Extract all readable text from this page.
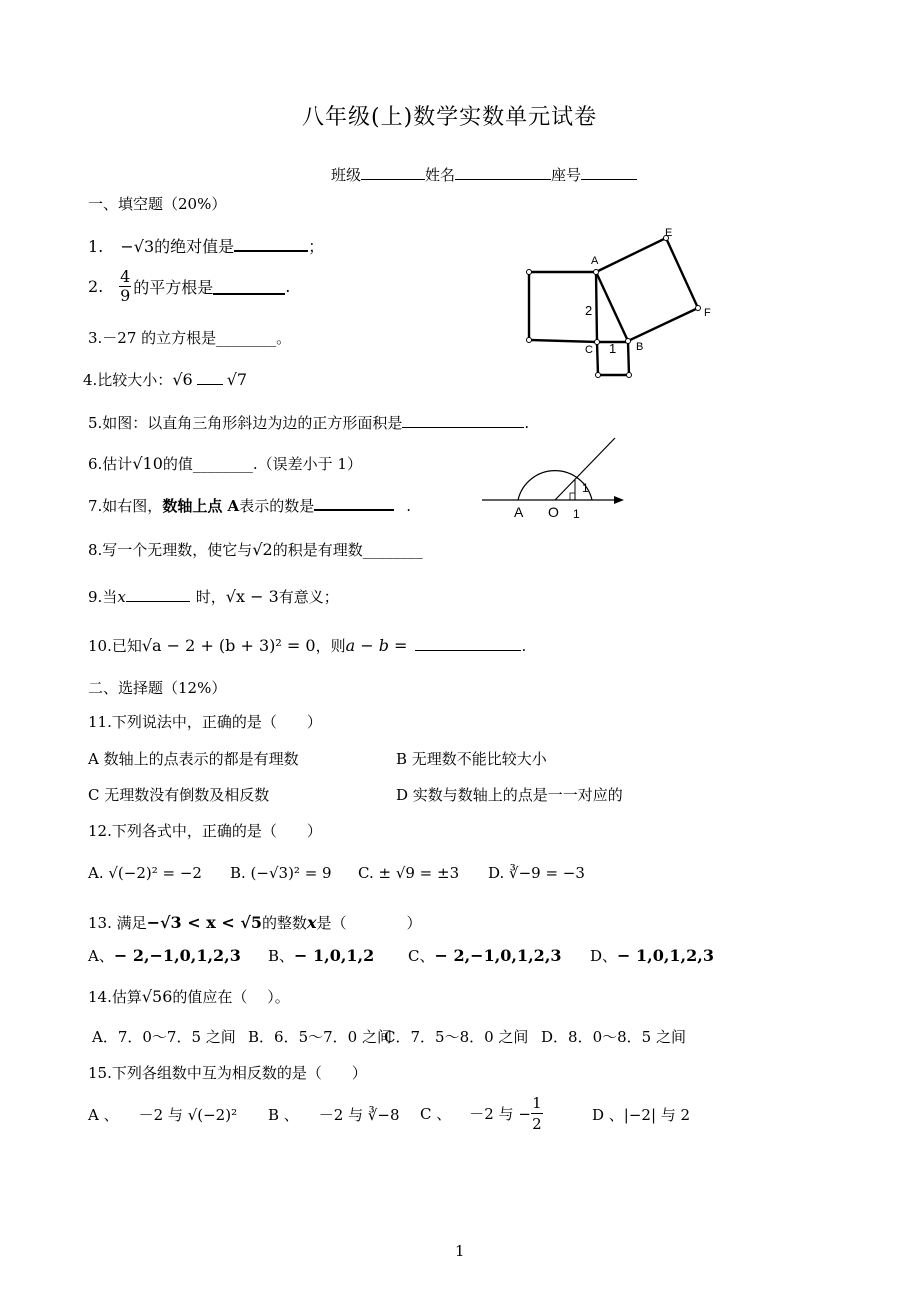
八年级(上)数学实数单元试卷
班级	姓名	座号
一、填空题（20%）
1. −√3的绝对值是	；
2.
4
9 的平方根是	.
3.－27 的立方根是________。
4.比较大小：√6 √7
5.如图：以直角三角形斜边为边的正方形面积是	.
6.估计√10的值________.（误差小于 1）
7.如右图，数轴上点 A表示的数是	.
8.写一个无理数，使它与√2的积是有理数________
9.当x	时，√x − 3有意义；
10.已知√a − 2 + (b + 3)² = 0，则a − b =	.
A
E
F
B
C
2
1
A O
1
1
二、选择题（12%）
11.下列说法中，正确的是（　　）
A 数轴上的点表示的都是有理数	B 无理数不能比较大小
C 无理数没有倒数及相反数	D 实数与数轴上的点是一一对应的
12.下列各式中，正确的是（　　）
A. √(−2)² = −2 B. (−√3)² = 9 C. ± √9 = ±3 D. ∛−9 = −3
13. 满足−√3 < x < √5的整数x是（　　　　）
A、− 2,−1,0,1,2,3 B、− 1,0,1,2 C、− 2,−1,0,1,2,3 D、− 1,0,1,2,3
14.估算√56的值应在（　 ）。
A．7．0～7．5 之间 B．6．5～7．0 之间
C．7．5～8．0 之间 D．8．0～8．5 之间
15.下列各组数中互为相反数的是（　　）
A 、 －2 与 √(−2)² B 、 －2 与 ∛−8 C 、 －2 与 −
1
2	D 、|−2| 与 2
1
